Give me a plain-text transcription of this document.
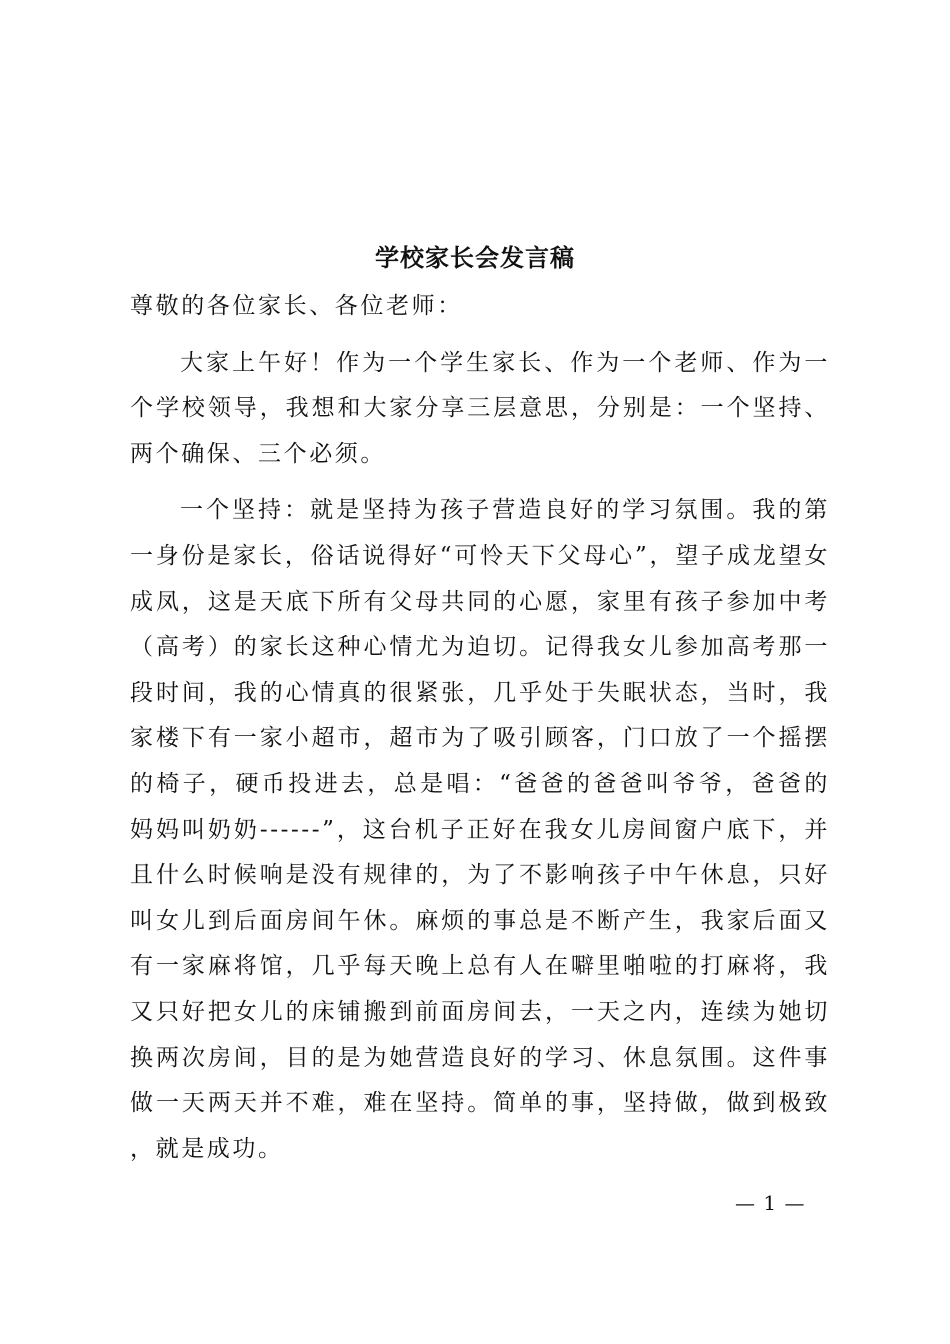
学校家长会发言稿

尊敬的各位家长、各位老师：

大家上午好！作为一个学生家长、作为一个老师、作为一个学校领导，我想和大家分享三层意思，分别是：一个坚持、两个确保、三个必须。

一个坚持：就是坚持为孩子营造良好的学习氛围。我的第一身份是家长，俗话说得好“可怜天下父母心”，望子成龙望女成凤，这是天底下所有父母共同的心愿，家里有孩子参加中考（高考）的家长这种心情尤为迫切。记得我女儿参加高考那一段时间，我的心情真的很紧张，几乎处于失眠状态，当时，我家楼下有一家小超市，超市为了吸引顾客，门口放了一个摇摆的椅子，硬币投进去，总是唱：“爸爸的爸爸叫爷爷，爸爸的妈妈叫奶奶------”，这台机子正好在我女儿房间窗户底下，并且什么时候响是没有规律的，为了不影响孩子中午休息，只好叫女儿到后面房间午休。麻烦的事总是不断产生，我家后面又有一家麻将馆，几乎每天晚上总有人在噼里啪啦的打麻将，我又只好把女儿的床铺搬到前面房间去，一天之内，连续为她切换两次房间，目的是为她营造良好的学习、休息氛围。这件事做一天两天并不难，难在坚持。简单的事，坚持做，做到极致，就是成功。

— 1 —
